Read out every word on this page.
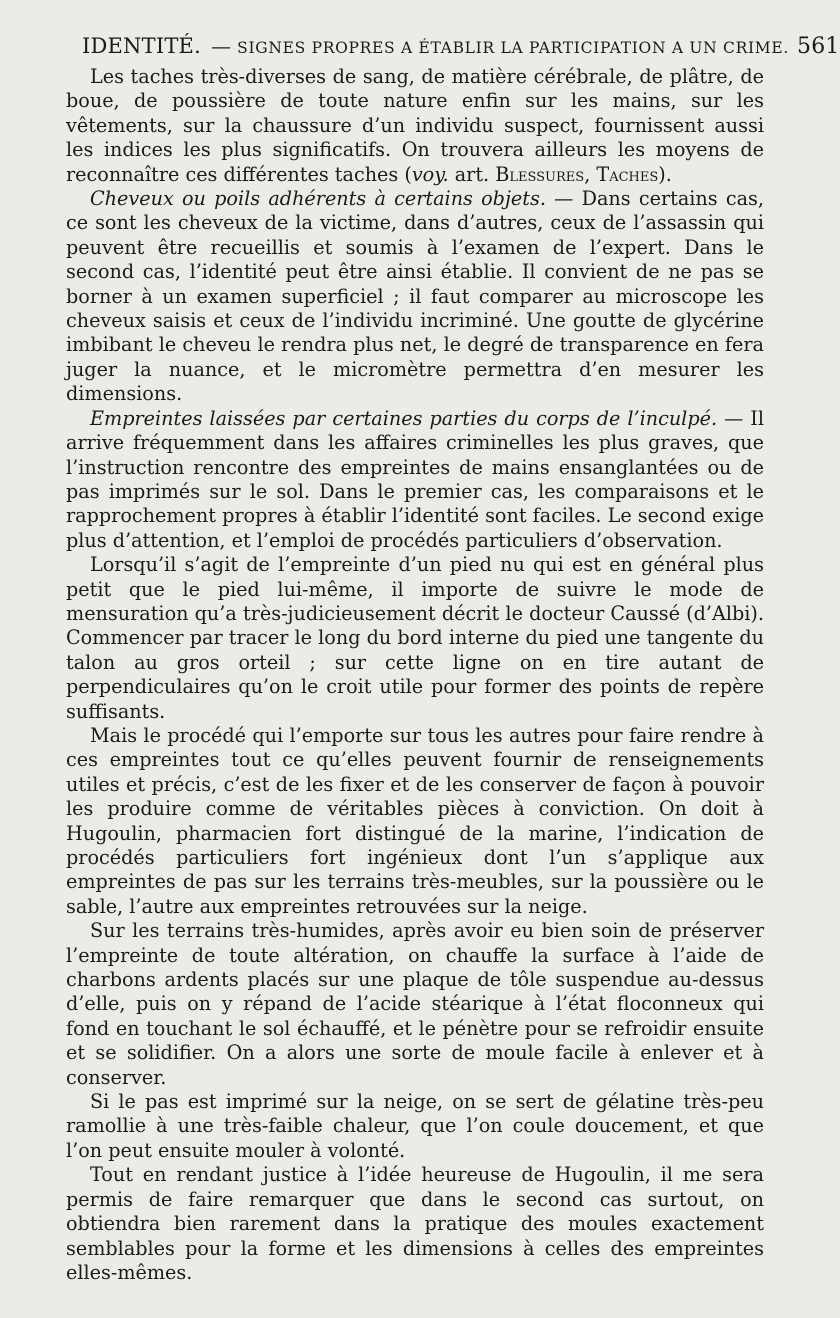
IDENTITÉ. — SIGNES PROPRES A ÉTABLIR LA PARTICIPATION A UN CRIME. 561

Les taches très-diverses de sang, de matière cérébrale, de plâtre, de boue, de poussière de toute nature enfin sur les mains, sur les vêtements, sur la chaussure d’un individu suspect, fournissent aussi les indices les plus significatifs. On trouvera ailleurs les moyens de reconnaître ces différentes taches (voy. art. Blessures, Taches).

Cheveux ou poils adhérents à certains objets. — Dans certains cas, ce sont les cheveux de la victime, dans d’autres, ceux de l’assassin qui peuvent être recueillis et soumis à l’examen de l’expert. Dans le second cas, l’identité peut être ainsi établie. Il convient de ne pas se borner à un examen superficiel ; il faut comparer au microscope les cheveux saisis et ceux de l’individu incriminé. Une goutte de glycérine imbibant le cheveu le rendra plus net, le degré de transparence en fera juger la nuance, et le micromètre permettra d’en mesurer les dimensions.

Empreintes laissées par certaines parties du corps de l’inculpé. — Il arrive fréquemment dans les affaires criminelles les plus graves, que l’instruction rencontre des empreintes de mains ensanglantées ou de pas imprimés sur le sol. Dans le premier cas, les comparaisons et le rapprochement propres à établir l’identité sont faciles. Le second exige plus d’attention, et l’emploi de procédés particuliers d’observation.

Lorsqu’il s’agit de l’empreinte d’un pied nu qui est en général plus petit que le pied lui-même, il importe de suivre le mode de mensuration qu’a très-judicieusement décrit le docteur Caussé (d’Albi). Commencer par tracer le long du bord interne du pied une tangente du talon au gros orteil ; sur cette ligne on en tire autant de perpendiculaires qu’on le croit utile pour former des points de repère suffisants.

Mais le procédé qui l’emporte sur tous les autres pour faire rendre à ces empreintes tout ce qu’elles peuvent fournir de renseignements utiles et précis, c’est de les fixer et de les conserver de façon à pouvoir les produire comme de véritables pièces à conviction. On doit à Hugoulin, pharmacien fort distingué de la marine, l’indication de procédés particuliers fort ingénieux dont l’un s’applique aux empreintes de pas sur les terrains très-meubles, sur la poussière ou le sable, l’autre aux empreintes retrouvées sur la neige.

Sur les terrains très-humides, après avoir eu bien soin de préserver l’empreinte de toute altération, on chauffe la surface à l’aide de charbons ardents placés sur une plaque de tôle suspendue au-dessus d’elle, puis on y répand de l’acide stéarique à l’état floconneux qui fond en touchant le sol échauffé, et le pénètre pour se refroidir ensuite et se solidifier. On a alors une sorte de moule facile à enlever et à conserver.

Si le pas est imprimé sur la neige, on se sert de gélatine très-peu ramollie à une très-faible chaleur, que l’on coule doucement, et que l’on peut ensuite mouler à volonté.

Tout en rendant justice à l’idée heureuse de Hugoulin, il me sera permis de faire remarquer que dans le second cas surtout, on obtiendra bien rarement dans la pratique des moules exactement semblables pour la forme et les dimensions à celles des empreintes elles-mêmes.
